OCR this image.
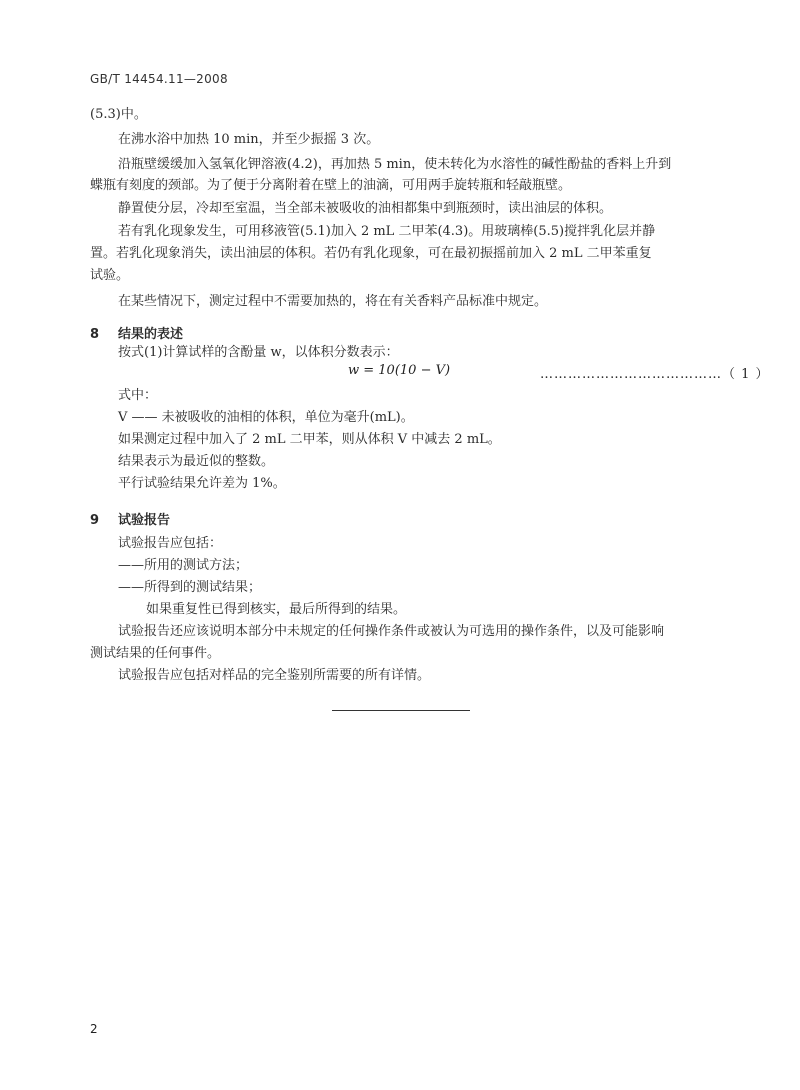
GB/T 14454.11—2008
(5.3)中。
在沸水浴中加热 10 min，并至少振摇 3 次。
沿瓶壁缓缓加入氢氧化钾溶液(4.2)，再加热 5 min，使未转化为水溶性的碱性酚盐的香料上升到
蝶瓶有刻度的颈部。为了便于分离附着在壁上的油滴，可用两手旋转瓶和轻敲瓶壁。
静置使分层，冷却至室温，当全部未被吸收的油相都集中到瓶颈时，读出油层的体积。
若有乳化现象发生，可用移液管(5.1)加入 2 mL 二甲苯(4.3)。用玻璃棒(5.5)搅拌乳化层并静
置。若乳化现象消失，读出油层的体积。若仍有乳化现象，可在最初振摇前加入 2 mL 二甲苯重复
试验。
在某些情况下，测定过程中不需要加热的，将在有关香料产品标准中规定。
8 结果的表述
按式(1)计算试样的含酚量 w，以体积分数表示：
w = 10(10 − V)	…………………………………（ 1 ）
式中：
V —— 未被吸收的油相的体积，单位为毫升(mL)。
如果测定过程中加入了 2 mL 二甲苯，则从体积 V 中减去 2 mL。
结果表示为最近似的整数。
平行试验结果允许差为 1%。
9 试验报告
试验报告应包括：
——所用的测试方法；
——所得到的测试结果；
如果重复性已得到核实，最后所得到的结果。
试验报告还应该说明本部分中未规定的任何操作条件或被认为可选用的操作条件，以及可能影响
测试结果的任何事件。
试验报告应包括对样品的完全鉴别所需要的所有详情。
2
